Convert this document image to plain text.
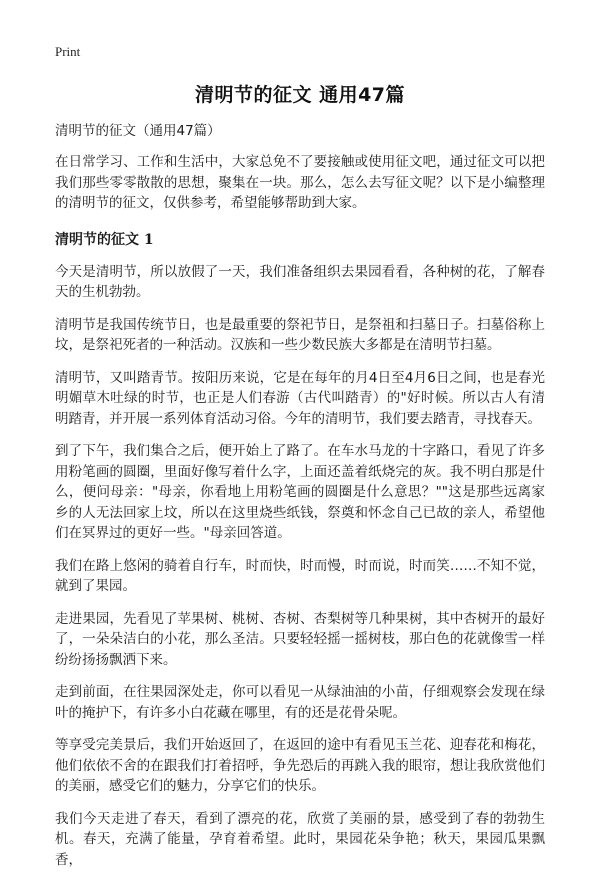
Print
清明节的征文 通用47篇
清明节的征文（通用47篇）

在日常学习、工作和生活中，大家总免不了要接触或使用征文吧，通过征文可以把我们那些零零散散的思想，聚集在一块。那么，怎么去写征文呢？以下是小编整理的清明节的征文，仅供参考，希望能够帮助到大家。

清明节的征文 1

今天是清明节，所以放假了一天，我们准备组织去果园看看，各种树的花，了解春天的生机勃勃。

清明节是我国传统节日，也是最重要的祭祀节日，是祭祖和扫墓日子。扫墓俗称上坟，是祭祀死者的一种活动。汉族和一些少数民族大多都是在清明节扫墓。

清明节，又叫踏青节。按阳历来说，它是在每年的月4日至4月6日之间，也是春光明媚草木吐绿的时节，也正是人们春游（古代叫踏青）的"好时候。所以古人有清明踏青，并开展一系列体育活动习俗。今年的清明节，我们要去踏青，寻找春天。

到了下午，我们集合之后，便开始上了路了。在车水马龙的十字路口，看见了许多用粉笔画的圆圈，里面好像写着什么字，上面还盖着纸烧完的灰。我不明白那是什么，便问母亲："母亲，你看地上用粉笔画的圆圈是什么意思？""这是那些远离家乡的人无法回家上坟，所以在这里烧些纸钱，祭奠和怀念自己已故的亲人，希望他们在冥界过的更好一些。"母亲回答道。

我们在路上悠闲的骑着自行车，时而快，时而慢，时而说，时而笑……不知不觉，就到了果园。

走进果园，先看见了苹果树、桃树、杏树、杏梨树等几种果树，其中杏树开的最好了，一朵朵洁白的小花，那么圣洁。只要轻轻摇一摇树枝，那白色的花就像雪一样纷纷扬扬飘洒下来。

走到前面，在往果园深处走，你可以看见一从绿油油的小苗，仔细观察会发现在绿叶的掩护下，有许多小白花藏在哪里，有的还是花骨朵呢。

等享受完美景后，我们开始返回了，在返回的途中有看见玉兰花、迎春花和梅花，他们依依不舍的在跟我们打着招呼，争先恐后的再跳入我的眼帘，想让我欣赏他们的美丽，感受它们的魅力，分享它们的快乐。

我们今天走进了春天，看到了漂亮的花，欣赏了美丽的景，感受到了春的勃勃生机。春天，充满了能量，孕育着希望。此时，果园花朵争艳；秋天，果园瓜果飘香，
